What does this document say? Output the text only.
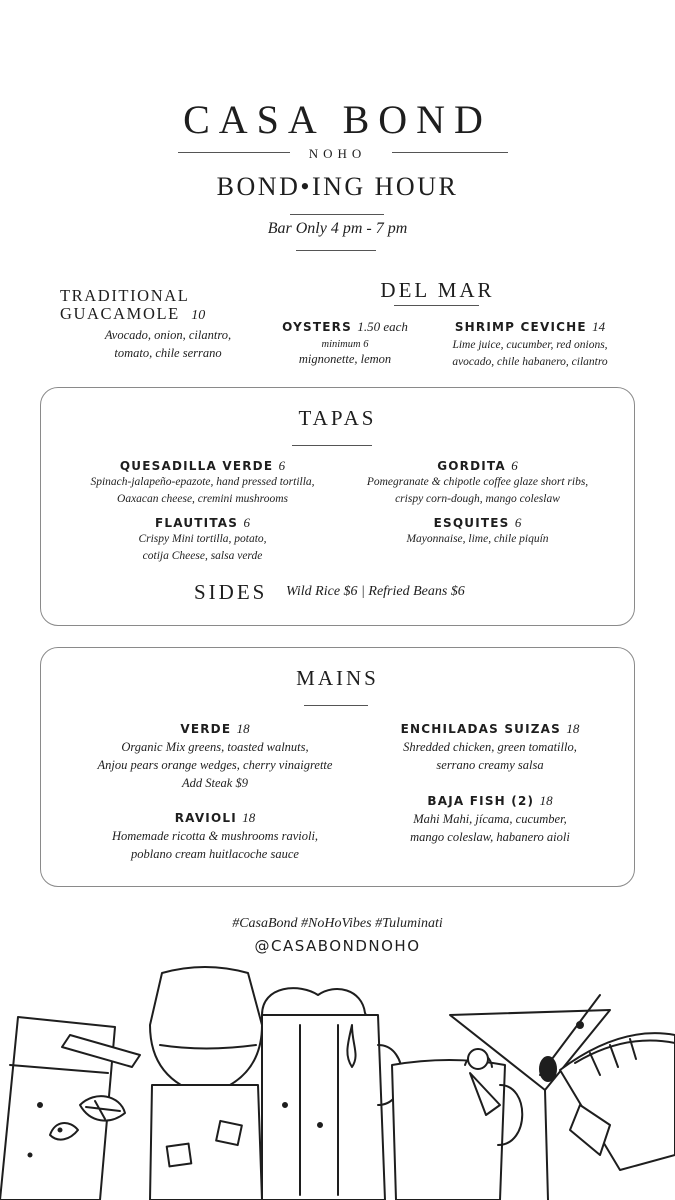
CASA BOND
NOHO
BOND•ING HOUR
Bar Only 4 pm - 7 pm
TRADITIONAL
GUACAMOLE 10
Avocado, onion, cilantro,
tomato, chile serrano
DEL MAR
OYSTERS 1.50 each
minimum 6
mignonette, lemon
SHRIMP CEVICHE 14
Lime juice, cucumber, red onions,
avocado, chile habanero, cilantro
TAPAS
QUESADILLA VERDE 6
Spinach-jalapeño-epazote, hand pressed tortilla,
Oaxacan cheese, cremini mushrooms
GORDITA 6
Pomegranate & chipotle coffee glaze short ribs,
crispy corn-dough, mango coleslaw
FLAUTITAS 6
Crispy Mini tortilla, potato,
cotija Cheese, salsa verde
ESQUITES 6
Mayonnaise, lime, chile piquín
SIDES Wild Rice $6 | Refried Beans $6
MAINS
VERDE 18
Organic Mix greens, toasted walnuts,
Anjou pears orange wedges, cherry vinaigrette
Add Steak $9
ENCHILADAS SUIZAS 18
Shredded chicken, green tomatillo,
serrano creamy salsa
RAVIOLI 18
Homemade ricotta & mushrooms ravioli,
poblano cream huitlacoche sauce
BAJA FISH (2) 18
Mahi Mahi, jícama, cucumber,
mango coleslaw, habanero aioli
#CasaBond #NoHoVibes #Tuluminati
@CASABONDNOHO
